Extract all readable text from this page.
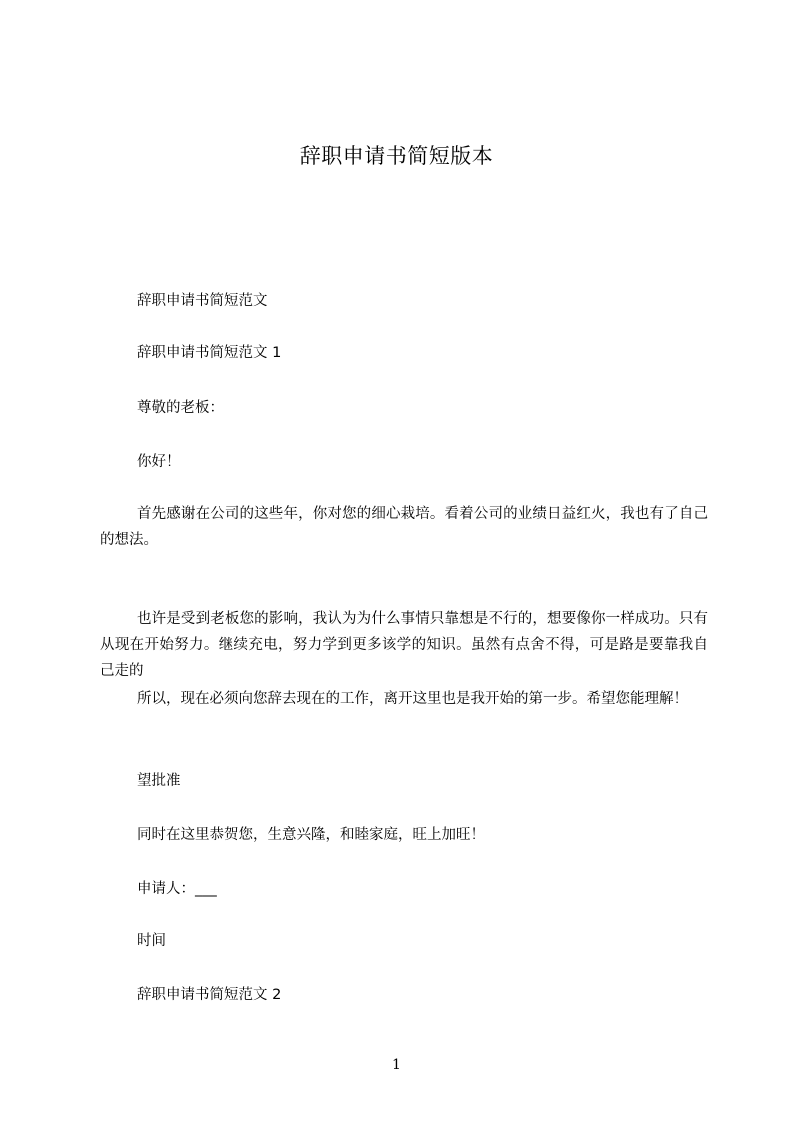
辞职申请书简短版本

辞职申请书简短范文

辞职申请书简短范文 1

尊敬的老板：

你好！

首先感谢在公司的这些年，你对您的细心栽培。看着公司的业绩日益红火，我也有了自己的想法。

也许是受到老板您的影响，我认为为什么事情只靠想是不行的，想要像你一样成功。只有从现在开始努力。继续充电，努力学到更多该学的知识。虽然有点舍不得，可是路是要靠我自己走的

所以，现在必须向您辞去现在的工作，离开这里也是我开始的第一步。希望您能理解！

望批准

同时在这里恭贺您，生意兴隆，和睦家庭，旺上加旺！

申请人：___

时间

辞职申请书简短范文 2

1
